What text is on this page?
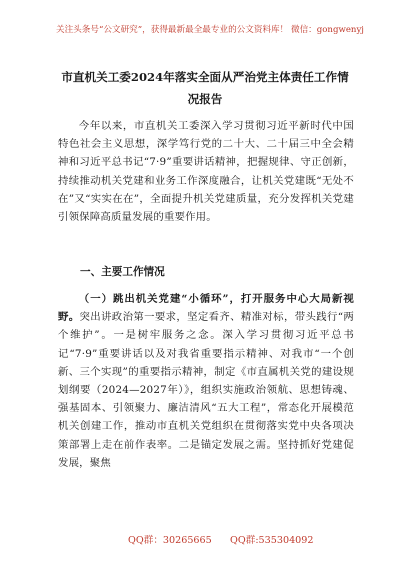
关注头条号“公文研究”，获得最新最全最专业的公文资料库！ 微信：gongwenyj
市直机关工委2024年落实全面从严治党主体责任工作情况报告
今年以来，市直机关工委深入学习贯彻习近平新时代中国特色社会主义思想，深学笃行党的二十大、二十届三中全会精神和习近平总书记“7·9”重要讲话精神，把握规律、守正创新，持续推动机关党建和业务工作深度融合，让机关党建既“无处不在”又“实实在在”，全面提升机关党建质量，充分发挥机关党建引领保障高质量发展的重要作用。
一、主要工作情况
（一）跳出机关党建“小循环”，打开服务中心大局新视野。突出讲政治第一要求，坚定看齐、精准对标，带头践行“两个维护”。一是树牢服务之念。深入学习贯彻习近平总书记“7·9”重要讲话以及对我省重要指示精神、对我市“一个创新、三个实现”的重要指示精神，制定《市直属机关党的建设规划纲要（2024—2027年）》，组织实施政治领航、思想铸魂、强基固本、引领聚力、廉洁清风“五大工程”，常态化开展模范机关创建工作，推动市直机关党组织在贯彻落实党中央各项决策部署上走在前作表率。二是锚定发展之需。坚持抓好党建促发展，聚焦
QQ群：30265665 QQ群:535304092
